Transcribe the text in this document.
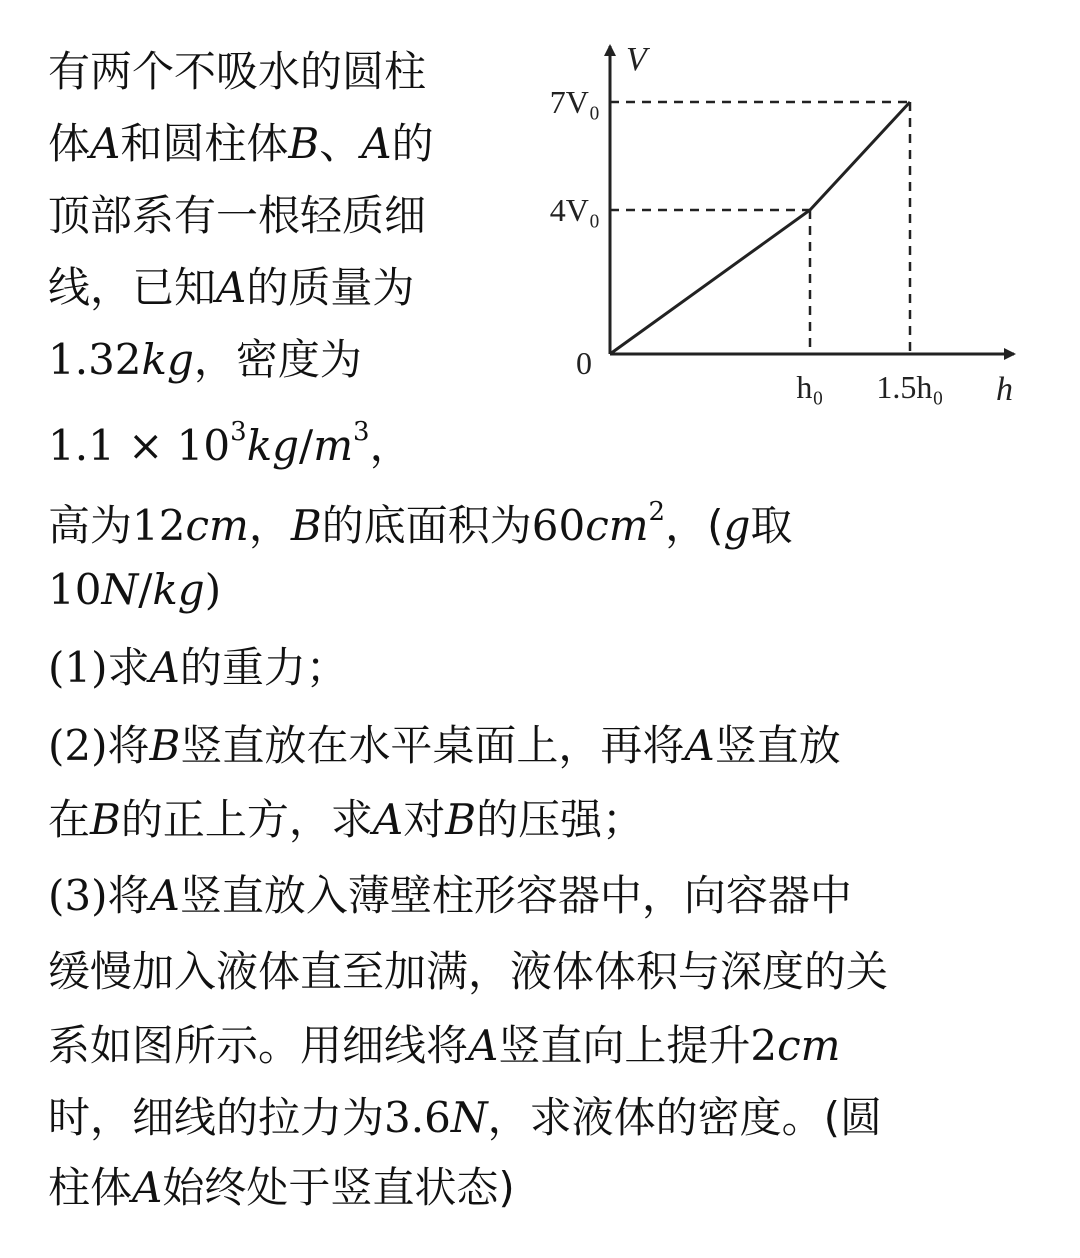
有两个不吸水的圆柱
体A和圆柱体B、A的
顶部系有一根轻质细
线，已知A的质量为
1.32kg，密度为
$1.1 \times 10^3kg/m^3$，
高为12cm，B的底面积为$60cm^2$，(g取
10N/kg)
(1)求A的重力；
(2)将B竖直放在水平桌面上，再将A竖直放
在B的正上方，求A对B的压强；
(3)将A竖直放入薄壁柱形容器中，向容器中
缓慢加入液体直至加满，液体体积与深度的关
系如图所示。用细线将A竖直向上提升2cm
时，细线的拉力为3.6N，求液体的密度。(圆
柱体A始终处于竖直状态)
V
h
0
4V₀
h₀
7V₀
1.5h₀
